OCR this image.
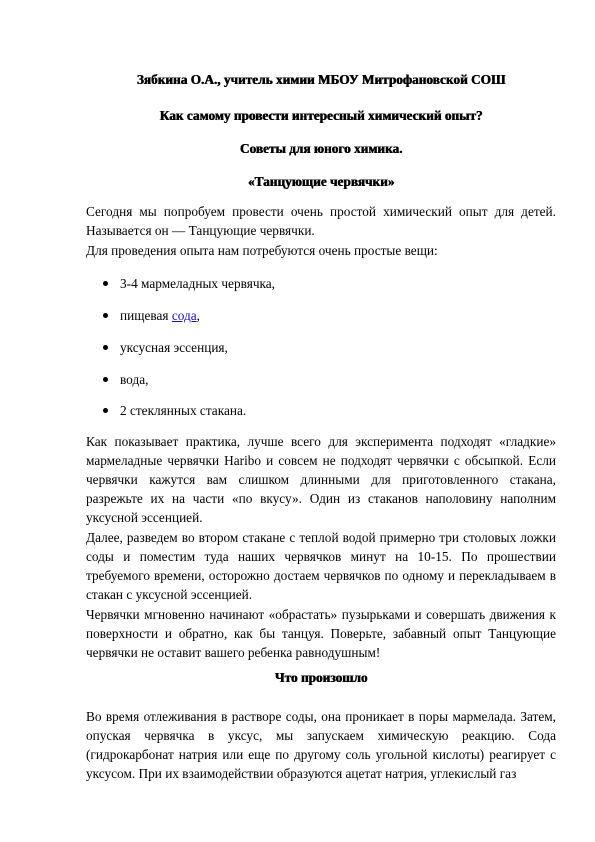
Зябкина О.А., учитель химии МБОУ Митрофановской СОШ
Как самому провести интересный химический опыт?
Советы для юного химика.
«Танцующие червячки»

Сегодня мы попробуем провести очень простой химический опыт для детей. Называется он — Танцующие червячки.

Для проведения опыта нам потребуются очень простые вещи:

3-4 мармеладных червячка,
пищевая сода,
уксусная эссенция,
вода,
2 стеклянных стакана.

Как показывает практика, лучше всего для эксперимента подходят «гладкие» мармеладные червячки Haribo и совсем не подходят червячки с обсыпкой. Если червячки кажутся вам слишком длинными для приготовленного стакана, разрежьте их на части «по вкусу». Один из стаканов наполовину наполним уксусной эссенцией.

Далее, разведем во втором стакане с теплой водой примерно три столовых ложки соды и поместим туда наших червячков минут на 10-15. По прошествии требуемого времени, осторожно достаем червячков по одному и перекладываем в стакан с уксусной эссенцией.

Червячки мгновенно начинают «обрастать» пузырьками и совершать движения к поверхности и обратно, как бы танцуя. Поверьте, забавный опыт Танцующие червячки не оставит вашего ребенка равнодушным!

Что произошло

Во время отлеживания в растворе соды, она проникает в поры мармелада. Затем, опуская червячка в уксус, мы запускаем химическую реакцию. Сода (гидрокарбонат натрия или еще по другому соль угольной кислоты) реагирует с уксусом. При их взаимодействии образуются ацетат натрия, углекислый газ
